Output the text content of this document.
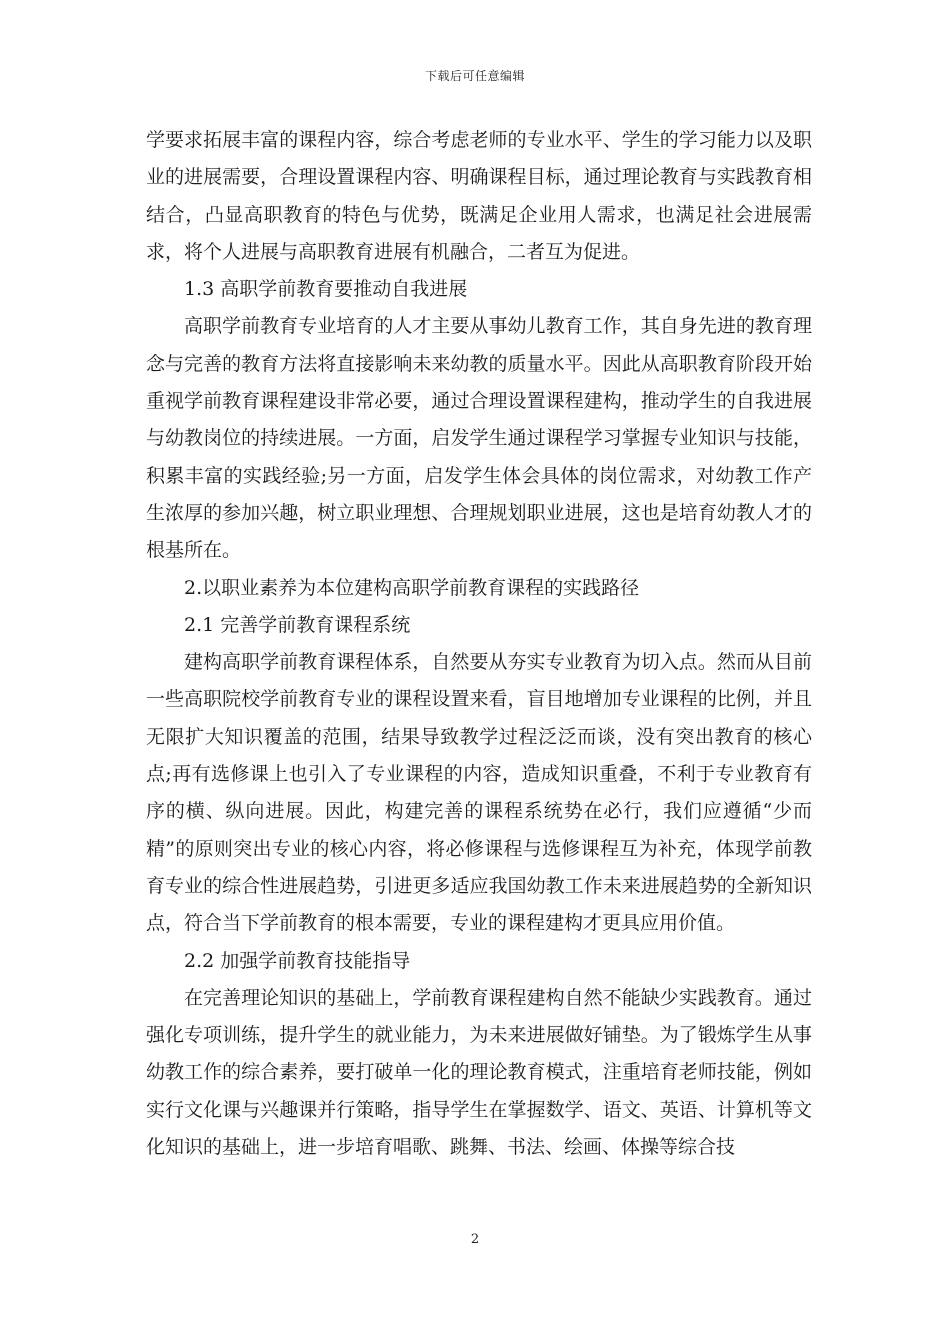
下载后可任意编辑

学要求拓展丰富的课程内容，综合考虑老师的专业水平、学生的学习能力以及职业的进展需要，合理设置课程内容、明确课程目标，通过理论教育与实践教育相结合，凸显高职教育的特色与优势，既满足企业用人需求，也满足社会进展需求，将个人进展与高职教育进展有机融合，二者互为促进。

1.3 高职学前教育要推动自我进展

高职学前教育专业培育的人才主要从事幼儿教育工作，其自身先进的教育理念与完善的教育方法将直接影响未来幼教的质量水平。因此从高职教育阶段开始重视学前教育课程建设非常必要，通过合理设置课程建构，推动学生的自我进展与幼教岗位的持续进展。一方面，启发学生通过课程学习掌握专业知识与技能，积累丰富的实践经验;另一方面，启发学生体会具体的岗位需求，对幼教工作产生浓厚的参加兴趣，树立职业理想、合理规划职业进展，这也是培育幼教人才的根基所在。

2.以职业素养为本位建构高职学前教育课程的实践路径

2.1 完善学前教育课程系统

建构高职学前教育课程体系，自然要从夯实专业教育为切入点。然而从目前一些高职院校学前教育专业的课程设置来看，盲目地增加专业课程的比例，并且无限扩大知识覆盖的范围，结果导致教学过程泛泛而谈，没有突出教育的核心点;再有选修课上也引入了专业课程的内容，造成知识重叠，不利于专业教育有序的横、纵向进展。因此，构建完善的课程系统势在必行，我们应遵循“少而精”的原则突出专业的核心内容，将必修课程与选修课程互为补充，体现学前教育专业的综合性进展趋势，引进更多适应我国幼教工作未来进展趋势的全新知识点，符合当下学前教育的根本需要，专业的课程建构才更具应用价值。

2.2 加强学前教育技能指导

在完善理论知识的基础上，学前教育课程建构自然不能缺少实践教育。通过强化专项训练，提升学生的就业能力，为未来进展做好铺垫。为了锻炼学生从事幼教工作的综合素养，要打破单一化的理论教育模式，注重培育老师技能，例如实行文化课与兴趣课并行策略，指导学生在掌握数学、语文、英语、计算机等文化知识的基础上，进一步培育唱歌、跳舞、书法、绘画、体操等综合技

2
